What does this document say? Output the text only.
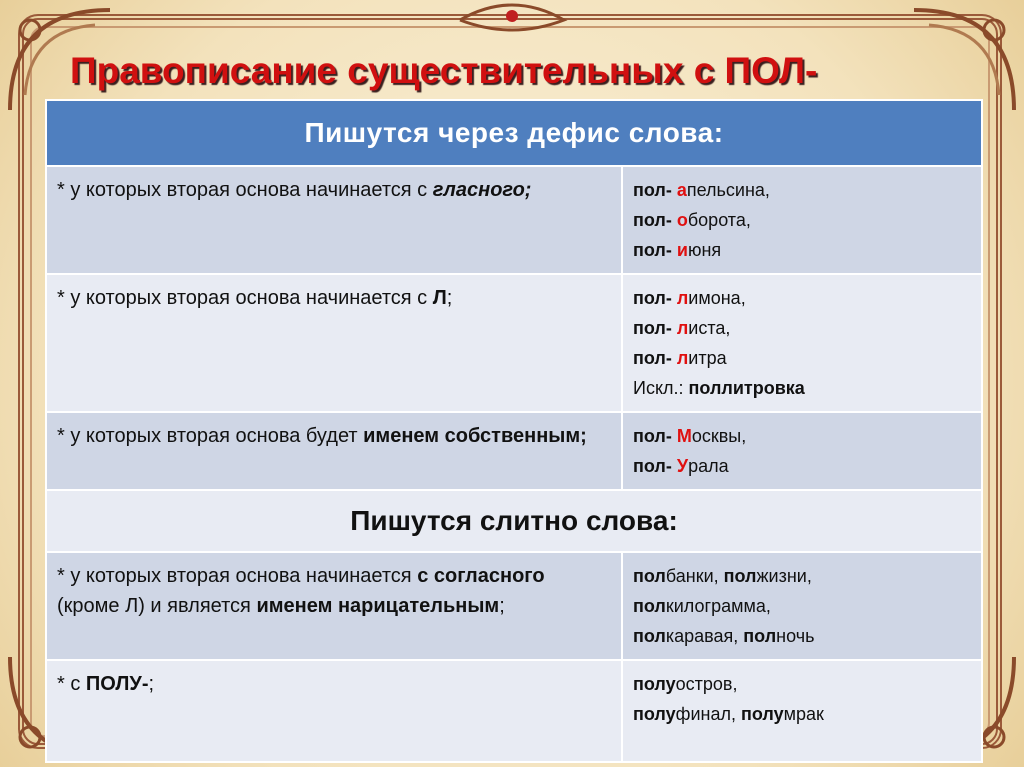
Правописание существительных с ПОЛ-
Пишутся через дефис слова:	
* у которых вторая основа начинается с гласного;	пол- апельсина,
пол- оборота,
пол- июня

* у которых вторая основа начинается с Л;	пол- лимона,
пол- листа,
пол- литра
Искл.: поллитровка

* у которых вторая основа будет именем собственным;	пол- Москвы,
пол- Урала

Пишутся слитно слова:	
* у которых вторая основа начинается с согласного (кроме Л) и является именем нарицательным;	полбанки, полжизни,
полкилограмма,
полкаравая, полночь

* с ПОЛУ-;	полуостров,
полуфинал, полумрак
